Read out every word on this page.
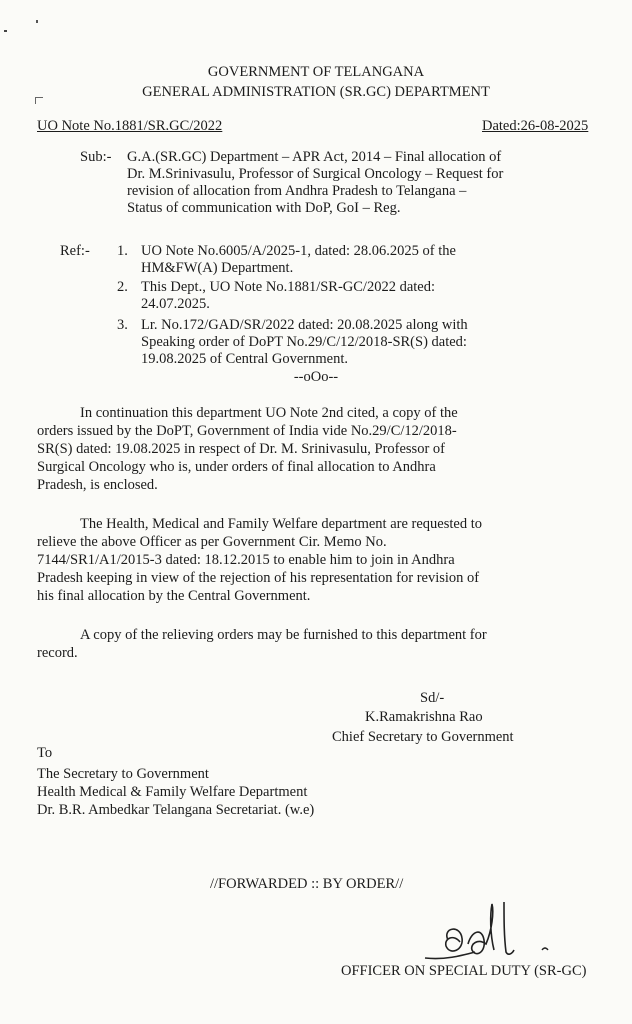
GOVERNMENT OF TELANGANA
GENERAL ADMINISTRATION (SR.GC) DEPARTMENT
UO Note No.1881/SR.GC/2022	Dated:26-08-2025
Sub:- G.A.(SR.GC) Department – APR Act, 2014 – Final allocation of
Dr. M.Srinivasulu, Professor of Surgical Oncology – Request for
revision of allocation from Andhra Pradesh to Telangana –
Status of communication with DoP, GoI – Reg.
Ref:- 1. UO Note No.6005/A/2025-1, dated: 28.06.2025 of the
HM&FW(A) Department.
2. This Dept., UO Note No.1881/SR-GC/2022 dated:
24.07.2025.
3. Lr. No.172/GAD/SR/2022 dated: 20.08.2025 along with
Speaking order of DoPT No.29/C/12/2018-SR(S) dated:
19.08.2025 of Central Government.
--oOo--
In continuation this department UO Note 2nd cited, a copy of the
orders issued by the DoPT, Government of India vide No.29/C/12/2018-
SR(S) dated: 19.08.2025 in respect of Dr. M. Srinivasulu, Professor of
Surgical Oncology who is, under orders of final allocation to Andhra
Pradesh, is enclosed.
The Health, Medical and Family Welfare department are requested to
relieve the above Officer as per Government Cir. Memo No.
7144/SR1/A1/2015-3 dated: 18.12.2015 to enable him to join in Andhra
Pradesh keeping in view of the rejection of his representation for revision of
his final allocation by the Central Government.
A copy of the relieving orders may be furnished to this department for
record.
Sd/-
K.Ramakrishna Rao
Chief Secretary to Government
To
The Secretary to Government
Health Medical & Family Welfare Department
Dr. B.R. Ambedkar Telangana Secretariat. (w.e)
//FORWARDED :: BY ORDER//
OFFICER ON SPECIAL DUTY (SR-GC)
